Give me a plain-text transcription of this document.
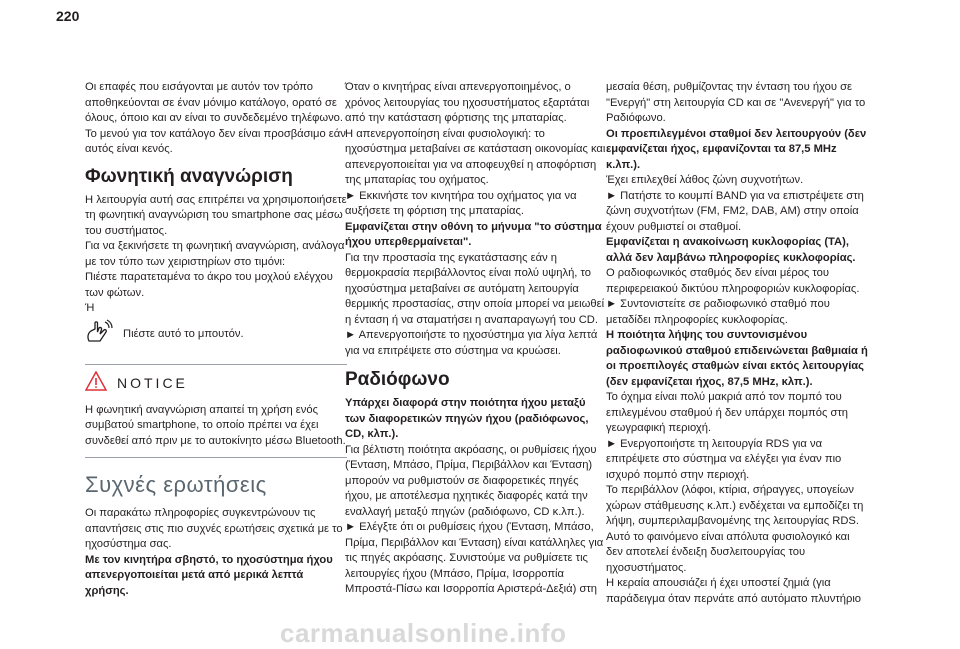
220

Οι επαφές που εισάγονται με αυτόν τον τρόπο αποθηκεύονται σε έναν μόνιμο κατάλογο, ορατό σε όλους, όποιο και αν είναι το συνδεδεμένο τηλέφωνο. Το μενού για τον κατάλογο δεν είναι προσβάσιμο εάν αυτός είναι κενός.

Φωνητική αναγνώριση

Η λειτουργία αυτή σας επιτρέπει να χρησιμοποιήσετε τη φωνητική αναγνώριση του smartphone σας μέσω του συστήματος.

Για να ξεκινήσετε τη φωνητική αναγνώριση, ανάλογα με τον τύπο των χειριστηρίων στο τιμόνι:

Πιέστε παρατεταμένα το άκρο του μοχλού ελέγχου των φώτων.

Ή

Πιέστε αυτό το μπουτόν.
NOTICE

Η φωνητική αναγνώριση απαιτεί τη χρήση ενός συμβατού smartphone, το οποίο πρέπει να έχει συνδεθεί από πριν με το αυτοκίνητο μέσω Bluetooth.

Συχνές ερωτήσεις

Οι παρακάτω πληροφορίες συγκεντρώνουν τις απαντήσεις στις πιο συχνές ερωτήσεις σχετικά με το ηχοσύστημα σας.

Με τον κινητήρα σβηστό, το ηχοσύστημα ήχου απενεργοποιείται μετά από μερικά λεπτά χρήσης.

Όταν ο κινητήρας είναι απενεργοποιημένος, ο χρόνος λειτουργίας του ηχοσυστήματος εξαρτάται από την κατάσταση φόρτισης της μπαταρίας.

Η απενεργοποίηση είναι φυσιολογική: το ηχοσύστημα μεταβαίνει σε κατάσταση οικονομίας και απενεργοποιείται για να αποφευχθεί η αποφόρτιση της μπαταρίας του οχήματος.

► Εκκινήστε τον κινητήρα του οχήματος για να αυξήσετε τη φόρτιση της μπαταρίας.

Εμφανίζεται στην οθόνη το μήνυμα "το σύστημα ήχου υπερθερμαίνεται".

Για την προστασία της εγκατάστασης εάν η θερμοκρασία περιβάλλοντος είναι πολύ υψηλή, το ηχοσύστημα μεταβαίνει σε αυτόματη λειτουργία θερμικής προστασίας, στην οποία μπορεί να μειωθεί η ένταση ή να σταματήσει η αναπαραγωγή του CD.

► Απενεργοποιήστε το ηχοσύστημα για λίγα λεπτά για να επιτρέψετε στο σύστημα να κρυώσει.

Ραδιόφωνο

Υπάρχει διαφορά στην ποιότητα ήχου μεταξύ των διαφορετικών πηγών ήχου (ραδιόφωνος, CD, κλπ.).

Για βέλτιστη ποιότητα ακρόασης, οι ρυθμίσεις ήχου (Ένταση, Μπάσο, Πρίμα, Περιβάλλον και Ένταση) μπορούν να ρυθμιστούν σε διαφορετικές πηγές ήχου, με αποτέλεσμα ηχητικές διαφορές κατά την εναλλαγή μεταξύ πηγών (ραδιόφωνο, CD κ.λπ.).

► Ελέγξτε ότι οι ρυθμίσεις ήχου (Ένταση, Μπάσο, Πρίμα, Περιβάλλον και Ένταση) είναι κατάλληλες για τις πηγές ακρόασης. Συνιστούμε να ρυθμίσετε τις λειτουργίες ήχου (Μπάσο, Πρίμα, Ισορροπία Μπροστά-Πίσω και Ισορροπία Αριστερά-Δεξιά) στη

μεσαία θέση, ρυθμίζοντας την ένταση του ήχου σε "Ενεργή" στη λειτουργία CD και σε "Ανενεργή" για το Ραδιόφωνο.

Οι προεπιλεγμένοι σταθμοί δεν λειτουργούν (δεν εμφανίζεται ήχος, εμφανίζονται τα 87,5 MHz κ.λπ.).

Έχει επιλεχθεί λάθος ζώνη συχνοτήτων.

► Πατήστε το κουμπί BAND για να επιστρέψετε στη ζώνη συχνοτήτων (FM, FM2, DAB, AM) στην οποία έχουν ρυθμιστεί οι σταθμοί.

Εμφανίζεται η ανακοίνωση κυκλοφορίας (TA), αλλά δεν λαμβάνω πληροφορίες κυκλοφορίας.

Ο ραδιοφωνικός σταθμός δεν είναι μέρος του περιφερειακού δικτύου πληροφοριών κυκλοφορίας.

► Συντονιστείτε σε ραδιοφωνικό σταθμό που μεταδίδει πληροφορίες κυκλοφορίας.

Η ποιότητα λήψης του συντονισμένου ραδιοφωνικού σταθμού επιδεινώνεται βαθμιαία ή οι προεπιλογές σταθμών είναι εκτός λειτουργίας (δεν εμφανίζεται ήχος, 87,5 MHz, κλπ.).

Το όχημα είναι πολύ μακριά από τον πομπό του επιλεγμένου σταθμού ή δεν υπάρχει πομπός στη γεωγραφική περιοχή.

► Ενεργοποιήστε τη λειτουργία RDS για να επιτρέψετε στο σύστημα να ελέγξει για έναν πιο ισχυρό πομπό στην περιοχή.

Το περιβάλλον (λόφοι, κτίρια, σήραγγες, υπογείων χώρων στάθμευσης κ.λπ.) ενδέχεται να εμποδίζει τη λήψη, συμπεριλαμβανομένης της λειτουργίας RDS. Αυτό το φαινόμενο είναι απόλυτα φυσιολογικό και δεν αποτελεί ένδειξη δυσλειτουργίας του ηχοσυστήματος.

Η κεραία απουσιάζει ή έχει υποστεί ζημιά (για παράδειγμα όταν περνάτε από αυτόματο πλυντήριο

carmanualsonline.info
